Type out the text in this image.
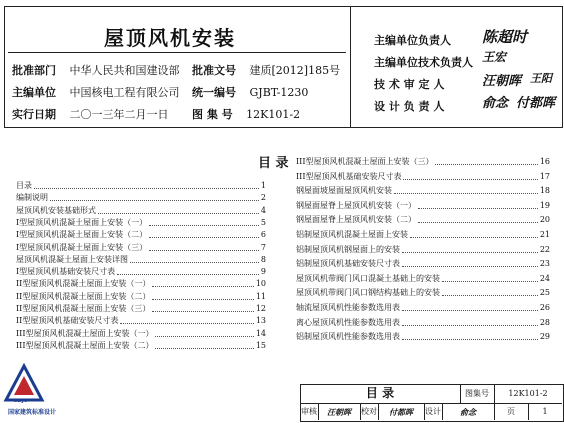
屋顶风机安装
批准部门 中华人民共和国建设部 批准文号 建质[2012]185号
主编单位 中国核电工程有限公司 统一编号 GJBT-1230
实行日期 二〇一三年二月一日 图 集 号 12K101-2
主编单位负责人 陈超时
主编单位技术负责人 王宏
技 术 审 定 人	汪朝晖 王阳
设 计 负 责 人	俞念 付都晖
目 录
目录	1
编制说明	2
屋顶风机安装基础形式	4
I型屋顶风机混凝土屋面上安装（一）	5
I型屋顶风机混凝土屋面上安装（二）	6
I型屋顶风机混凝土屋面上安装（三）	7
屋顶风机混凝土屋面上安装详图	8
I型屋顶风机基础安装尺寸表	9
II型屋顶风机混凝土屋面上安装（一）	10
II型屋顶风机混凝土屋面上安装（二）	11
II型屋顶风机混凝土屋面上安装（三）	12
II型屋顶风机基础安装尺寸表	13
III型屋顶风机混凝土屋面上安装（一）	14
III型屋顶风机混凝土屋面上安装（二）	15
III型屋顶风机混凝土屋面上安装（三）	16
III型屋顶风机基础安装尺寸表	17
钢屋面坡屋面屋顶风机安装	18
钢屋面屋脊上屋顶风机安装（一）	19
钢屋面屋脊上屋顶风机安装（二）	20
铝制屋顶风机混凝土屋面上安装	21
铝制屋顶风机钢屋面上的安装	22
铝制屋顶风机基础安装尺寸表	23
屋顶风机带阀门风口混凝土基础上的安装	24
屋顶风机带阀门风口钢结构基础上的安装	25
轴流屋顶风机性能参数选用表	26
离心屋顶风机性能参数选用表	28
铝制屋顶风机性能参数选用表	29
GBJT
国家建筑标准设计
目 录	图集号	12K101-2
审核	汪朝晖	校对	付都晖	设计	俞念	页	1
